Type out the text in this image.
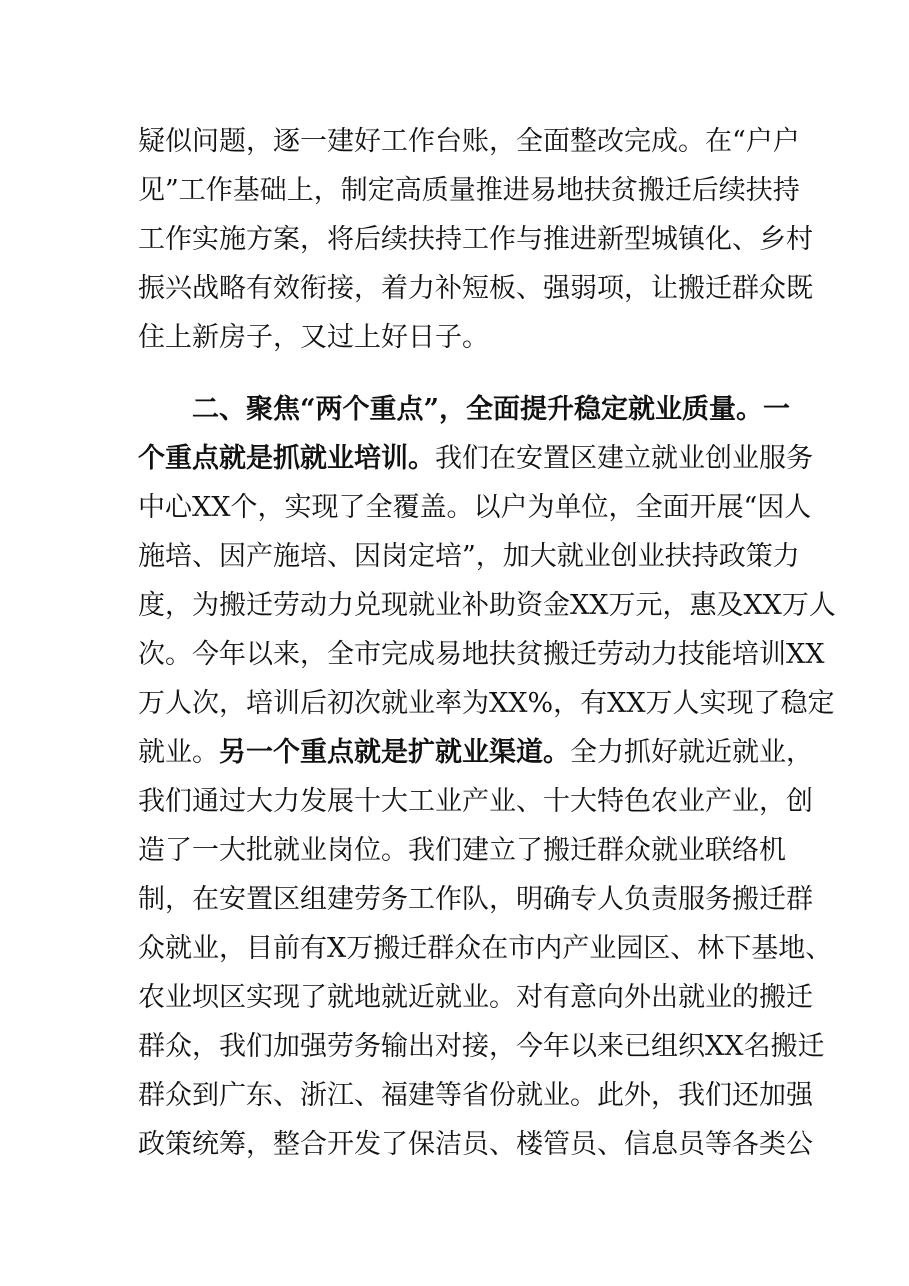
疑似问题，逐一建好工作台账，全面整改完成。在“户户
见”工作基础上，制定高质量推进易地扶贫搬迁后续扶持
工作实施方案，将后续扶持工作与推进新型城镇化、乡村
振兴战略有效衔接，着力补短板、强弱项，让搬迁群众既
住上新房子，又过上好日子。
二、聚焦“两个重点”，全面提升稳定就业质量。一
个重点就是抓就业培训。我们在安置区建立就业创业服务
中心XX个，实现了全覆盖。以户为单位，全面开展“因人
施培、因产施培、因岗定培”，加大就业创业扶持政策力
度，为搬迁劳动力兑现就业补助资金XX万元，惠及XX万人
次。今年以来，全市完成易地扶贫搬迁劳动力技能培训XX
万人次，培训后初次就业率为XX%，有XX万人实现了稳定
就业。另一个重点就是扩就业渠道。全力抓好就近就业，
我们通过大力发展十大工业产业、十大特色农业产业，创
造了一大批就业岗位。我们建立了搬迁群众就业联络机
制，在安置区组建劳务工作队，明确专人负责服务搬迁群
众就业，目前有X万搬迁群众在市内产业园区、林下基地、
农业坝区实现了就地就近就业。对有意向外出就业的搬迁
群众，我们加强劳务输出对接，今年以来已组织XX名搬迁
群众到广东、浙江、福建等省份就业。此外，我们还加强
政策统筹，整合开发了保洁员、楼管员、信息员等各类公
